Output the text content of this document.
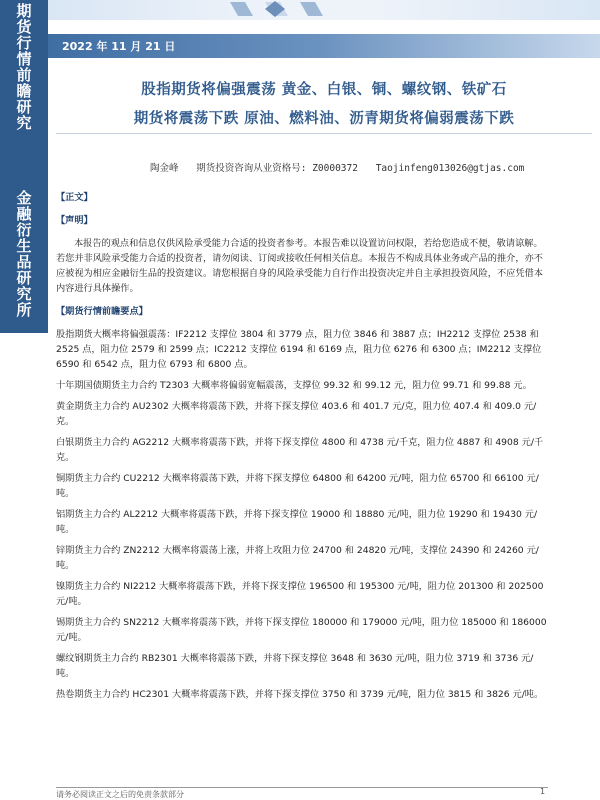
期货行情前瞻研究
金融衍生品研究所
2022 年 11 月 21 日
股指期货将偏强震荡 黄金、白银、铜、螺纹钢、铁矿石
期货将震荡下跌 原油、燃料油、沥青期货将偏弱震荡下跌
陶金峰 期货投资咨询从业资格号: Z0000372 Taojinfeng013026@gtjas.com
【正文】
【声明】

本报告的观点和信息仅供风险承受能力合适的投资者参考。本报告难以设置访问权限，若给您造成不便，敬请谅解。若您并非风险承受能力合适的投资者，请勿阅读、订阅或接收任何相关信息。本报告不构成具体业务或产品的推介，亦不应被视为相应金融衍生品的投资建议。请您根据自身的风险承受能力自行作出投资决定并自主承担投资风险，不应凭借本内容进行具体操作。

【期货行情前瞻要点】

股指期货大概率将偏强震荡：IF2212 支撑位 3804 和 3779 点，阻力位 3846 和 3887 点；IH2212 支撑位 2538 和 2525 点，阻力位 2579 和 2599 点；IC2212 支撑位 6194 和 6169 点，阻力位 6276 和 6300 点；IM2212 支撑位 6590 和 6542 点，阻力位 6793 和 6800 点。

十年期国债期货主力合约 T2303 大概率将偏弱宽幅震荡，支撑位 99.32 和 99.12 元，阻力位 99.71 和 99.88 元。

黄金期货主力合约 AU2302 大概率将震荡下跌，并将下探支撑位 403.6 和 401.7 元/克，阻力位 407.4 和 409.0 元/克。

白银期货主力合约 AG2212 大概率将震荡下跌，并将下探支撑位 4800 和 4738 元/千克，阻力位 4887 和 4908 元/千克。

铜期货主力合约 CU2212 大概率将震荡下跌，并将下探支撑位 64800 和 64200 元/吨，阻力位 65700 和 66100 元/吨。

铝期货主力合约 AL2212 大概率将震荡下跌，并将下探支撑位 19000 和 18880 元/吨，阻力位 19290 和 19430 元/吨。

锌期货主力合约 ZN2212 大概率将震荡上涨，并将上攻阻力位 24700 和 24820 元/吨，支撑位 24390 和 24260 元/吨。

镍期货主力合约 NI2212 大概率将震荡下跌，并将下探支撑位 196500 和 195300 元/吨，阻力位 201300 和 202500 元/吨。

锡期货主力合约 SN2212 大概率将震荡下跌，并将下探支撑位 180000 和 179000 元/吨，阻力位 185000 和 186000 元/吨。

螺纹钢期货主力合约 RB2301 大概率将震荡下跌，并将下探支撑位 3648 和 3630 元/吨，阻力位 3719 和 3736 元/吨。

热卷期货主力合约 HC2301 大概率将震荡下跌，并将下探支撑位 3750 和 3739 元/吨，阻力位 3815 和 3826 元/吨。

请务必阅读正文之后的免责条款部分	1
